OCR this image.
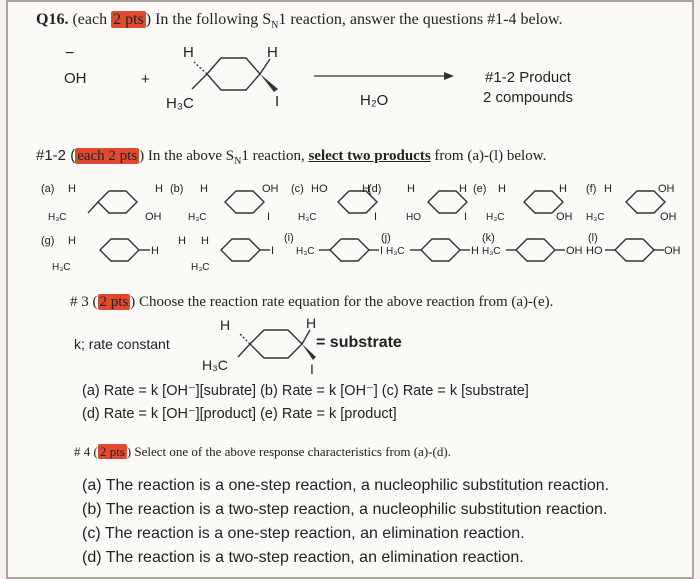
Q16. (each 2 pts ) In the following $S_N1$ reaction, answer the questions #1-4 below.
−
OH	+
H	H
H₃C	I	H₂O
#1-2 Product
2 compounds
#1-2 ( each 2 pts ) In the above $S_N1$ reaction, select two products from (a)-(l) below.
(a) H
H₃C
H
OH
(b) H
H₃C
OH
I
(c) HO
H₃C
H
I
(d) H
HO
H
I
(e) H
H₃C
H
OH
(f) H
H₃C
OH
OH
(g) H
H₃C
H
H H
H₃C
I
(i)
H₃C	I
(j)
H₃C	H
(k)
H₃C	OH
(l)
HO	OH
# 3 ( 2 pts ) Choose the reaction rate equation for the above reaction from (a)-(e).
k; rate constant
H	H
H₃C	I
= substrate
(a) Rate = k [OH⁻][subrate] (b) Rate = k [OH⁻] (c) Rate = k [substrate]
(d) Rate = k [OH⁻][product] (e) Rate = k [product]
# 4 ( 2 pts ) Select one of the above response characteristics from (a)-(d).
(a) The reaction is a one-step reaction, a nucleophilic substitution reaction.
(b) The reaction is a two-step reaction, a nucleophilic substitution reaction.
(c) The reaction is a one-step reaction, an elimination reaction.
(d) The reaction is a two-step reaction, an elimination reaction.
